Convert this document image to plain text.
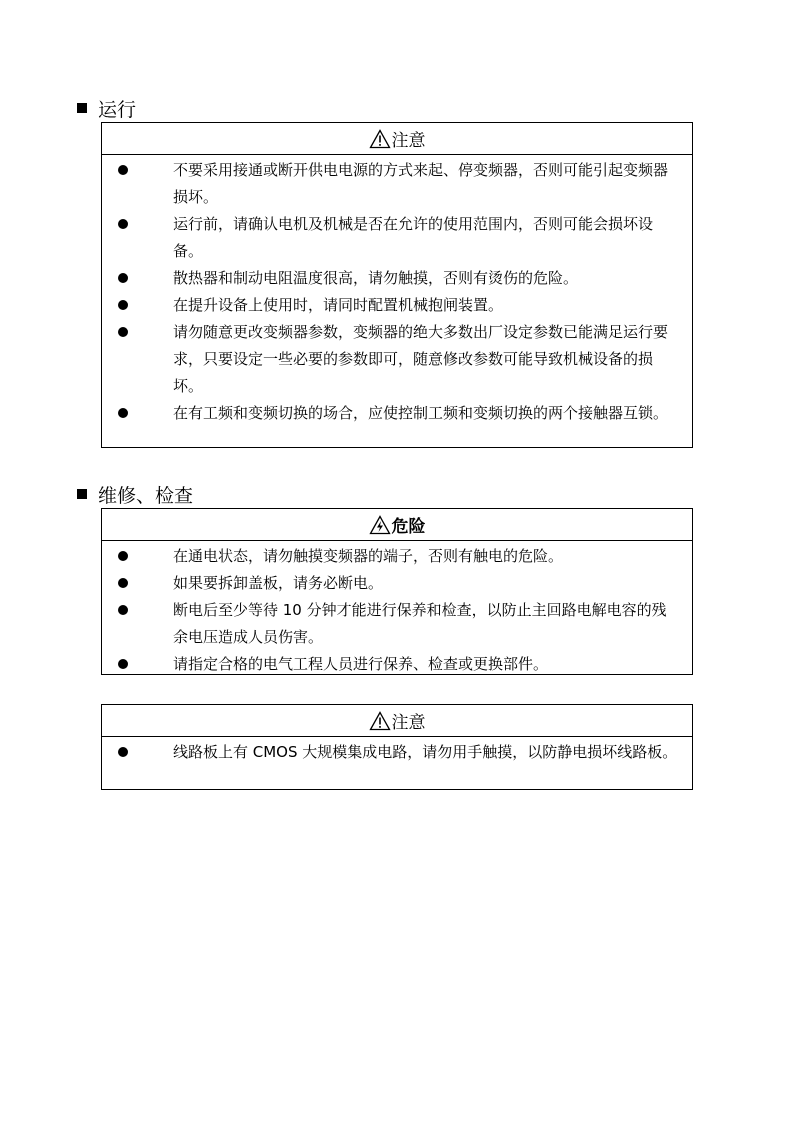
运行
注意
不要采用接通或断开供电电源的方式来起、停变频器，否则可能引起变频器损坏。
运行前，请确认电机及机械是否在允许的使用范围内，否则可能会损坏设备。
散热器和制动电阻温度很高，请勿触摸，否则有烫伤的危险。
在提升设备上使用时，请同时配置机械抱闸装置。
请勿随意更改变频器参数，变频器的绝大多数出厂设定参数已能满足运行要求，只要设定一些必要的参数即可，随意修改参数可能导致机械设备的损坏。
在有工频和变频切换的场合，应使控制工频和变频切换的两个接触器互锁。
维修、检查
危险
在通电状态，请勿触摸变频器的端子，否则有触电的危险。
如果要拆卸盖板，请务必断电。
断电后至少等待 10 分钟才能进行保养和检查，以防止主回路电解电容的残余电压造成人员伤害。
请指定合格的电气工程人员进行保养、检查或更换部件。
注意
线路板上有 CMOS 大规模集成电路，请勿用手触摸，以防静电损坏线路板。
